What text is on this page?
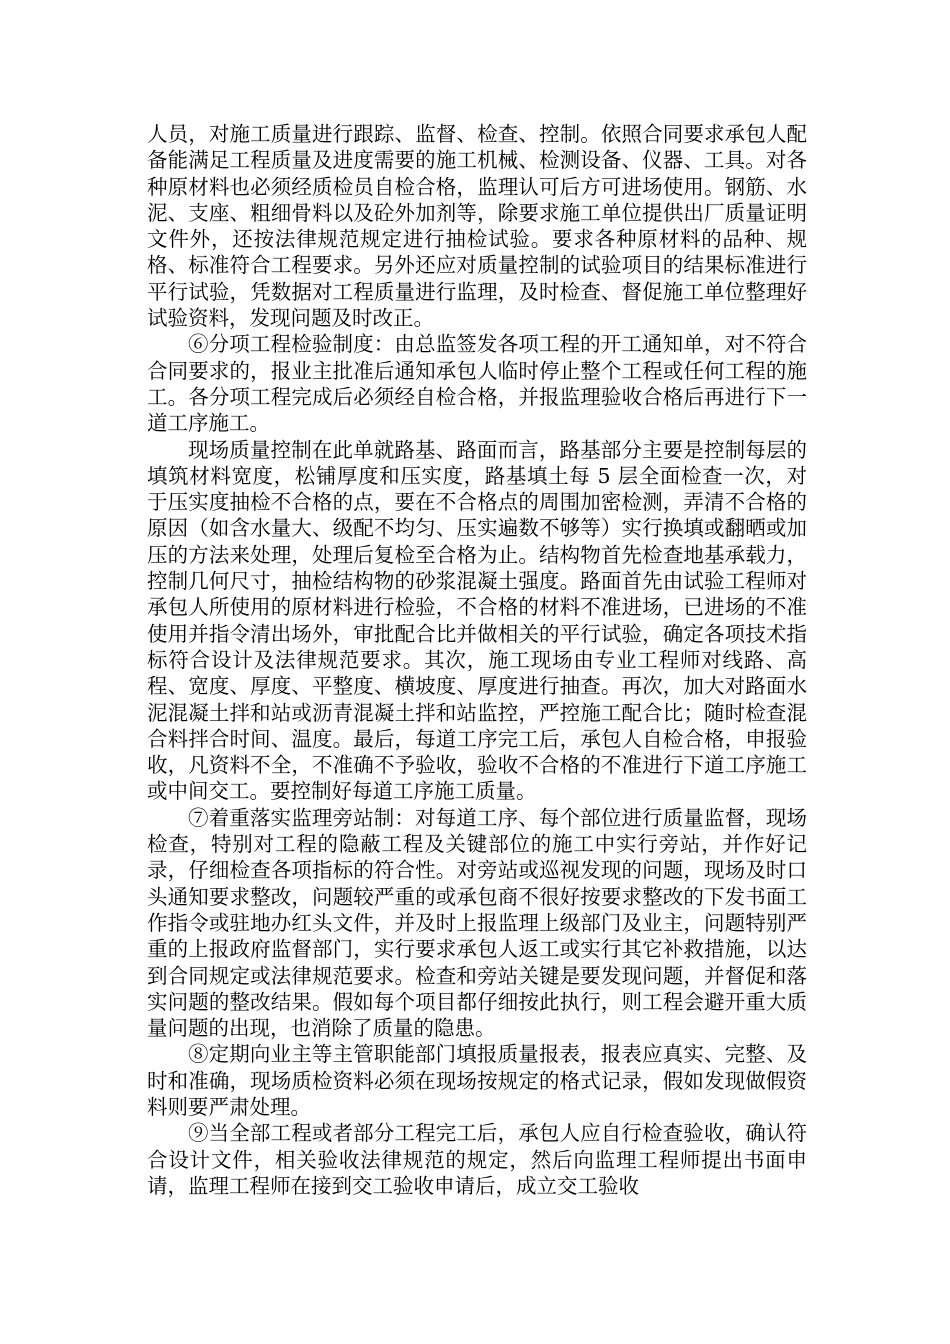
人员，对施工质量进行跟踪、监督、检查、控制。依照合同要求承包人配备能满足工程质量及进度需要的施工机械、检测设备、仪器、工具。对各种原材料也必须经质检员自检合格，监理认可后方可进场使用。钢筋、水泥、支座、粗细骨料以及砼外加剂等，除要求施工单位提供出厂质量证明文件外，还按法律规范规定进行抽检试验。要求各种原材料的品种、规格、标准符合工程要求。另外还应对质量控制的试验项目的结果标准进行平行试验，凭数据对工程质量进行监理，及时检查、督促施工单位整理好试验资料，发现问题及时改正。

⑥分项工程检验制度：由总监签发各项工程的开工通知单，对不符合合同要求的，报业主批准后通知承包人临时停止整个工程或任何工程的施工。各分项工程完成后必须经自检合格，并报监理验收合格后再进行下一道工序施工。

现场质量控制在此单就路基、路面而言，路基部分主要是控制每层的填筑材料宽度，松铺厚度和压实度，路基填土每 5 层全面检查一次，对于压实度抽检不合格的点，要在不合格点的周围加密检测，弄清不合格的原因（如含水量大、级配不均匀、压实遍数不够等）实行换填或翻晒或加压的方法来处理，处理后复检至合格为止。结构物首先检查地基承载力，控制几何尺寸，抽检结构物的砂浆混凝土强度。路面首先由试验工程师对承包人所使用的原材料进行检验，不合格的材料不准进场，已进场的不准使用并指令清出场外，审批配合比并做相关的平行试验，确定各项技术指标符合设计及法律规范要求。其次，施工现场由专业工程师对线路、高程、宽度、厚度、平整度、横坡度、厚度进行抽查。再次，加大对路面水泥混凝土拌和站或沥青混凝土拌和站监控，严控施工配合比；随时检查混合料拌合时间、温度。最后，每道工序完工后，承包人自检合格，申报验收，凡资料不全，不准确不予验收，验收不合格的不准进行下道工序施工或中间交工。要控制好每道工序施工质量。

⑦着重落实监理旁站制：对每道工序、每个部位进行质量监督，现场检查，特别对工程的隐蔽工程及关键部位的施工中实行旁站，并作好记录，仔细检查各项指标的符合性。对旁站或巡视发现的问题，现场及时口头通知要求整改，问题较严重的或承包商不很好按要求整改的下发书面工作指令或驻地办红头文件，并及时上报监理上级部门及业主，问题特别严重的上报政府监督部门，实行要求承包人返工或实行其它补救措施，以达到合同规定或法律规范要求。检查和旁站关键是要发现问题，并督促和落实问题的整改结果。假如每个项目都仔细按此执行，则工程会避开重大质量问题的出现，也消除了质量的隐患。

⑧定期向业主等主管职能部门填报质量报表，报表应真实、完整、及时和准确，现场质检资料必须在现场按规定的格式记录，假如发现做假资料则要严肃处理。

⑨当全部工程或者部分工程完工后，承包人应自行检查验收，确认符合设计文件，相关验收法律规范的规定，然后向监理工程师提出书面申请，监理工程师在接到交工验收申请后，成立交工验收
